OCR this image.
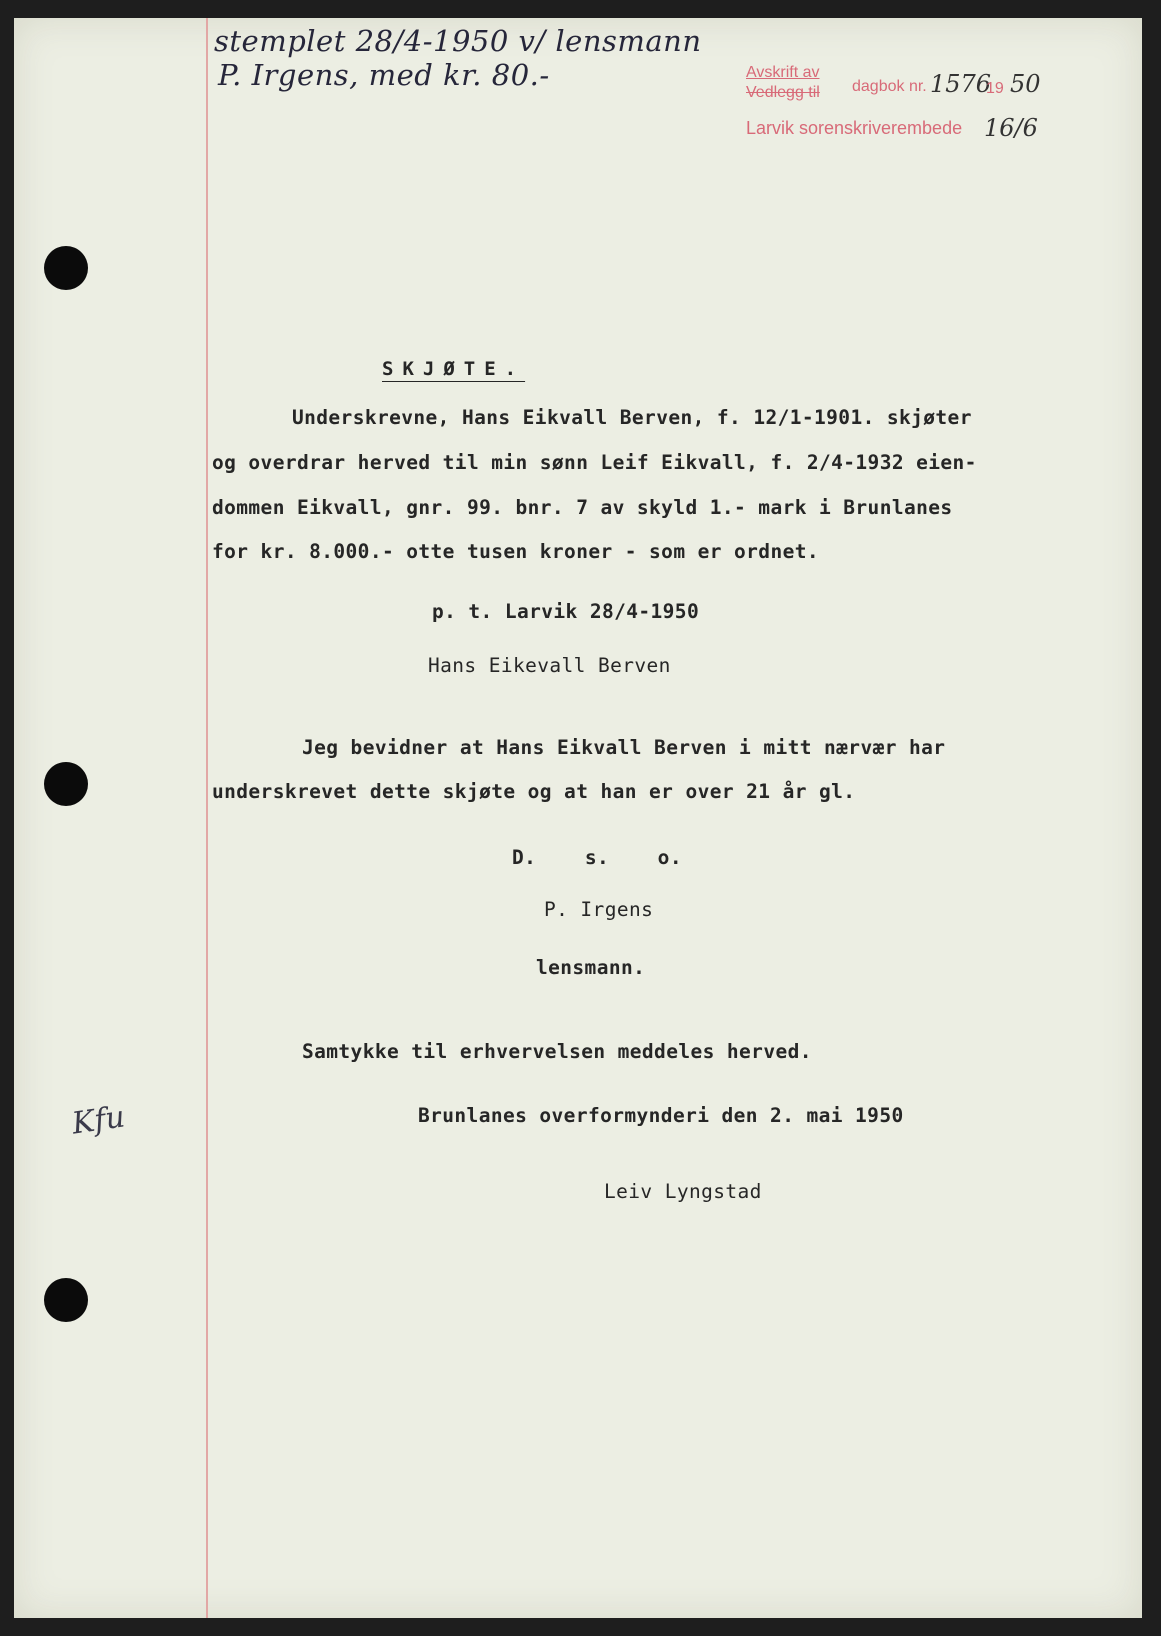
stemplet 28/4-1950 v/ lensmann
P. Irgens, med kr. 80.-	Avskrift av
Vedlegg til dagbok nr. 1576
19 50
Larvik sorenskriverembede 16/6
SKJØTE.
Underskrevne, Hans Eikvall Berven, f. 12/1-1901. skjøter
og overdrar herved til min sønn Leif Eikvall, f. 2/4-1932 eien-
dommen Eikvall, gnr. 99. bnr. 7 av skyld 1.- mark i Brunlanes
for kr. 8.000.- otte tusen kroner - som er ordnet.
p. t. Larvik 28/4-1950
Hans Eikevall Berven
Jeg bevidner at Hans Eikvall Berven i mitt nærvær har
underskrevet dette skjøte og at han er over 21 år gl.
D.    s.    o.
P. Irgens
lensmann.
Samtykke til erhvervelsen meddeles herved.
Brunlanes overformynderi den 2. mai 1950
Leiv Lyngstad
Kfu
